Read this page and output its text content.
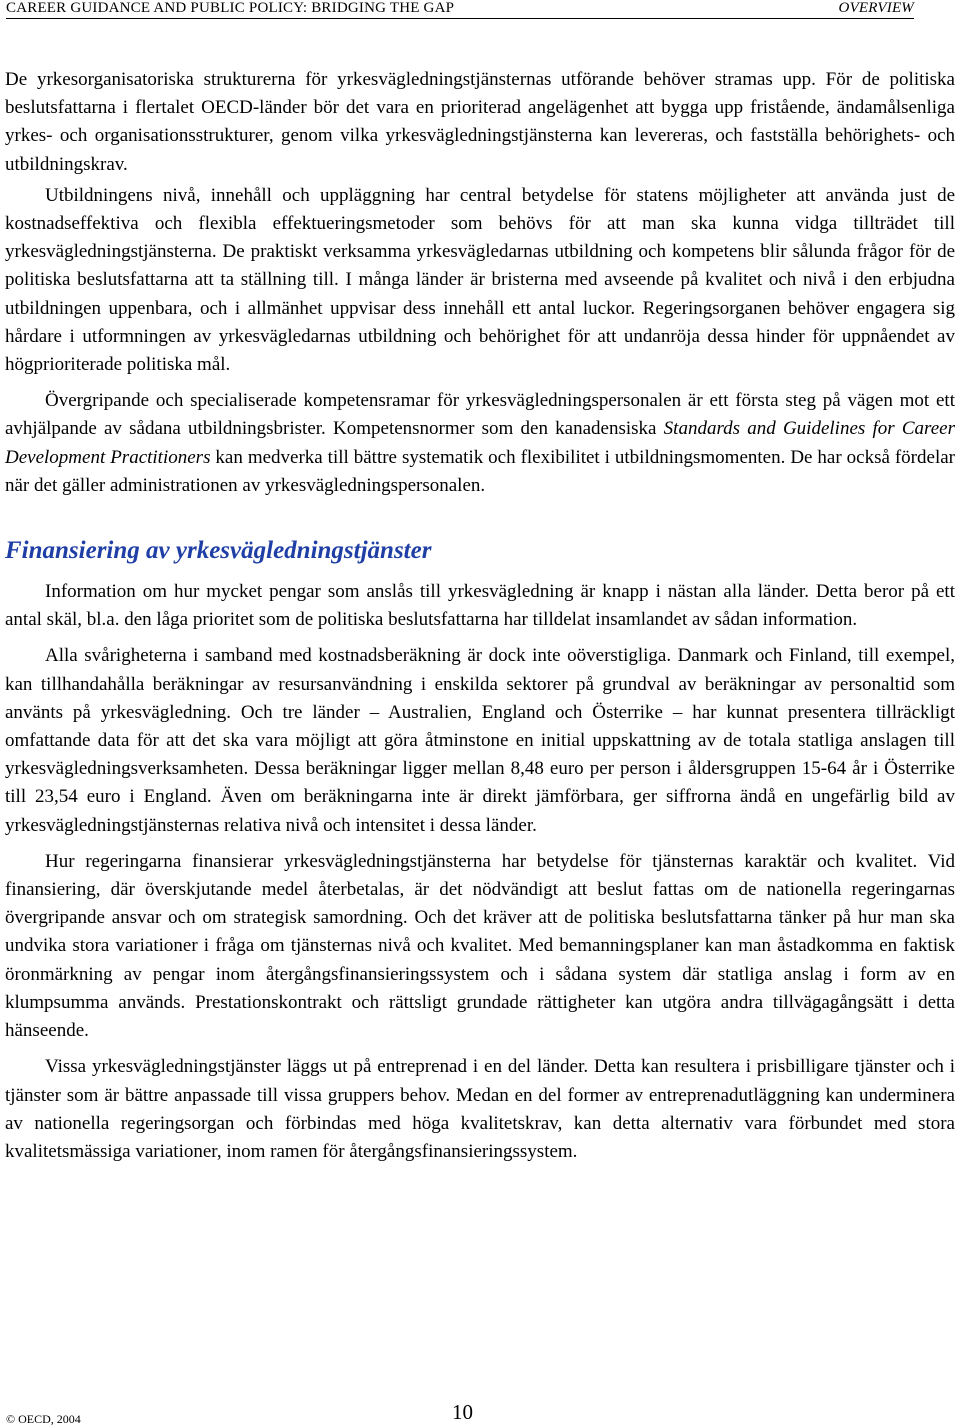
CAREER GUIDANCE AND PUBLIC POLICY: BRIDGING THE GAP	OVERVIEW

De yrkesorganisatoriska strukturerna för yrkesvägledningstjänsternas utförande behöver stramas upp. För de politiska beslutsfattarna i flertalet OECD-länder bör det vara en prioriterad angelägenhet att bygga upp fristående, ändamålsenliga yrkes- och organisationsstrukturer, genom vilka yrkesvägledningstjänsterna kan levereras, och fastställa behörighets- och utbildningskrav.

Utbildningens nivå, innehåll och uppläggning har central betydelse för statens möjligheter att använda just de kostnadseffektiva och flexibla effektueringsmetoder som behövs för att man ska kunna vidga tillträdet till yrkesvägledningstjänsterna. De praktiskt verksamma yrkesvägledarnas utbildning och kompetens blir sålunda frågor för de politiska beslutsfattarna att ta ställning till. I många länder är bristerna med avseende på kvalitet och nivå i den erbjudna utbildningen uppenbara, och i allmänhet uppvisar dess innehåll ett antal luckor. Regeringsorganen behöver engagera sig hårdare i utformningen av yrkesvägledarnas utbildning och behörighet för att undanröja dessa hinder för uppnåendet av högprioriterade politiska mål.

Övergripande och specialiserade kompetensramar för yrkesvägledningspersonalen är ett första steg på vägen mot ett avhjälpande av sådana utbildningsbrister. Kompetensnormer som den kanadensiska Standards and Guidelines for Career Development Practitioners kan medverka till bättre systematik och flexibilitet i utbildningsmomenten. De har också fördelar när det gäller administrationen av yrkesvägledningspersonalen.

Finansiering av yrkesvägledningstjänster

Information om hur mycket pengar som anslås till yrkesvägledning är knapp i nästan alla länder. Detta beror på ett antal skäl, bl.a. den låga prioritet som de politiska beslutsfattarna har tilldelat insamlandet av sådan information.

Alla svårigheterna i samband med kostnadsberäkning är dock inte oöverstigliga. Danmark och Finland, till exempel, kan tillhandahålla beräkningar av resursanvändning i enskilda sektorer på grundval av beräkningar av personaltid som använts på yrkesvägledning. Och tre länder – Australien, England och Österrike – har kunnat presentera tillräckligt omfattande data för att det ska vara möjligt att göra åtminstone en initial uppskattning av de totala statliga anslagen till yrkesvägledningsverksamheten. Dessa beräkningar ligger mellan 8,48 euro per person i åldersgruppen 15-64 år i Österrike till 23,54 euro i England. Även om beräkningarna inte är direkt jämförbara, ger siffrorna ändå en ungefärlig bild av yrkesvägledningstjänsternas relativa nivå och intensitet i dessa länder.

Hur regeringarna finansierar yrkesvägledningstjänsterna har betydelse för tjänsternas karaktär och kvalitet. Vid finansiering, där överskjutande medel återbetalas, är det nödvändigt att beslut fattas om de nationella regeringarnas övergripande ansvar och om strategisk samordning. Och det kräver att de politiska beslutsfattarna tänker på hur man ska undvika stora variationer i fråga om tjänsternas nivå och kvalitet. Med bemanningsplaner kan man åstadkomma en faktisk öronmärkning av pengar inom återgångsfinansieringssystem och i sådana system där statliga anslag i form av en klumpsumma används. Prestationskontrakt och rättsligt grundade rättigheter kan utgöra andra tillvägagångsätt i detta hänseende.

Vissa yrkesvägledningstjänster läggs ut på entreprenad i en del länder. Detta kan resultera i prisbilligare tjänster och i tjänster som är bättre anpassade till vissa gruppers behov. Medan en del former av entreprenadutläggning kan underminera av nationella regeringsorgan och förbindas med höga kvalitetskrav, kan detta alternativ vara förbundet med stora kvalitetsmässiga variationer, inom ramen för återgångsfinansieringssystem.

© OECD, 2004	10
